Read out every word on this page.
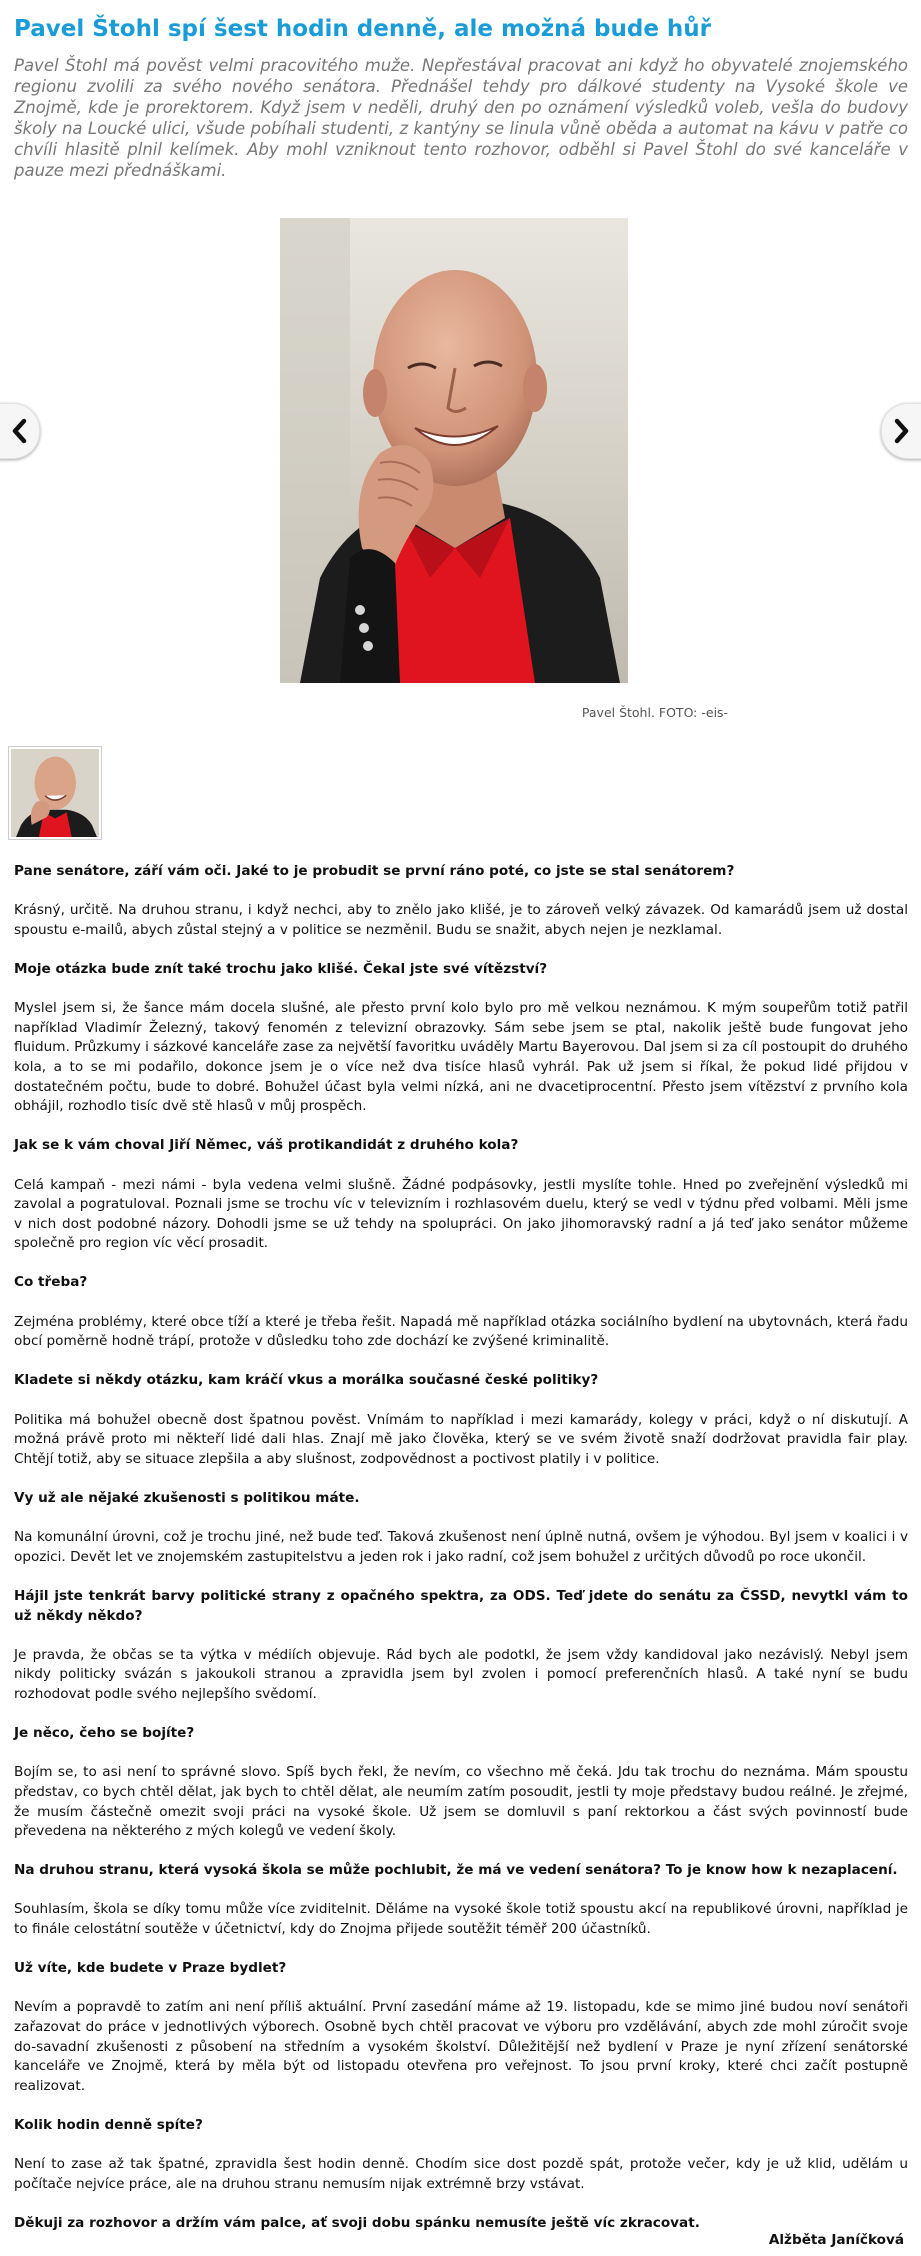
Pavel Štohl spí šest hodin denně, ale možná bude hůř

Pavel Štohl má pověst velmi pracovitého muže. Nepřestával pracovat ani když ho obyvatelé znojemského regionu zvolili za svého nového senátora. Přednášel tehdy pro dálkové studenty na Vysoké škole ve Znojmě, kde je prorektorem. Když jsem v neděli, druhý den po oznámení výsledků voleb, vešla do budovy školy na Loucké ulici, všude pobíhali studenti, z kantýny se linula vůně oběda a automat na kávu v patře co chvíli hlasitě plnil kelímek. Aby mohl vzniknout tento rozhovor, odběhl si Pavel Štohl do své kanceláře v pauze mezi přednáškami.

Pavel Štohl. FOTO: -eis-

Pane senátore, září vám oči. Jaké to je probudit se první ráno poté, co jste se stal senátorem?

Krásný, určitě. Na druhou stranu, i když nechci, aby to znělo jako klišé, je to zároveň velký závazek. Od kamarádů jsem už dostal spoustu e-mailů, abych zůstal stejný a v politice se nezměnil. Budu se snažit, abych nejen je nezklamal.

Moje otázka bude znít také trochu jako klišé. Čekal jste své vítězství?

Myslel jsem si, že šance mám docela slušné, ale přesto první kolo bylo pro mě velkou neznámou. K mým soupeřům totiž patřil například Vladimír Železný, takový fenomén z televizní obrazovky. Sám sebe jsem se ptal, nakolik ještě bude fungovat jeho fluidum. Průzkumy i sázkové kanceláře zase za největší favoritku uváděly Martu Bayerovou. Dal jsem si za cíl postoupit do druhého kola, a to se mi podařilo, dokonce jsem je o více než dva tisíce hlasů vyhrál. Pak už jsem si říkal, že pokud lidé přijdou v dostatečném počtu, bude to dobré. Bohužel účast byla velmi nízká, ani ne dvacetiprocentní. Přesto jsem vítězství z prvního kola obhájil, rozhodlo tisíc dvě stě hlasů v můj prospěch.

Jak se k vám choval Jiří Němec, váš protikandidát z druhého kola?

Celá kampaň - mezi námi - byla vedena velmi slušně. Žádné podpásovky, jestli myslíte tohle. Hned po zveřejnění výsledků mi zavolal a pogratuloval. Poznali jsme se trochu víc v televizním i rozhlasovém duelu, který se vedl v týdnu před volbami. Měli jsme v nich dost podobné názory. Dohodli jsme se už tehdy na spolupráci. On jako jihomoravský radní a já teď jako senátor můžeme společně pro region víc věcí prosadit.

Co třeba?

Zejména problémy, které obce tíží a které je třeba řešit. Napadá mě například otázka sociálního bydlení na ubytovnách, která řadu obcí poměrně hodně trápí, protože v důsledku toho zde dochází ke zvýšené kriminalitě.

Kladete si někdy otázku, kam kráčí vkus a morálka současné české politiky?

Politika má bohužel obecně dost špatnou pověst. Vnímám to například i mezi kamarády, kolegy v práci, když o ní diskutují. A možná právě proto mi někteří lidé dali hlas. Znají mě jako člověka, který se ve svém životě snaží dodržovat pravidla fair play. Chtějí totiž, aby se situace zlepšila a aby slušnost, zodpovědnost a poctivost platily i v politice.

Vy už ale nějaké zkušenosti s politikou máte.

Na komunální úrovni, což je trochu jiné, než bude teď. Taková zkušenost není úplně nutná, ovšem je výhodou. Byl jsem v koalici i v opozici. Devět let ve znojemském zastupitelstvu a jeden rok i jako radní, což jsem bohužel z určitých důvodů po roce ukončil.

Hájil jste tenkrát barvy politické strany z opačného spektra, za ODS. Teď jdete do senátu za ČSSD, nevytkl vám to už někdy někdo?

Je pravda, že občas se ta výtka v médiích objevuje. Rád bych ale podotkl, že jsem vždy kandidoval jako nezávislý. Nebyl jsem nikdy politicky svázán s jakoukoli stranou a zpravidla jsem byl zvolen i pomocí preferenčních hlasů. A také nyní se budu rozhodovat podle svého nejlepšího svědomí.

Je něco, čeho se bojíte?

Bojím se, to asi není to správné slovo. Spíš bych řekl, že nevím, co všechno mě čeká. Jdu tak trochu do neznáma. Mám spoustu představ, co bych chtěl dělat, jak bych to chtěl dělat, ale neumím zatím posoudit, jestli ty moje představy budou reálné. Je zřejmé, že musím částečně omezit svoji práci na vysoké škole. Už jsem se domluvil s paní rektorkou a část svých povinností bude převedena na některého z mých kolegů ve vedení školy.

Na druhou stranu, která vysoká škola se může pochlubit, že má ve vedení senátora? To je know how k nezaplacení.

Souhlasím, škola se díky tomu může více zviditelnit. Děláme na vysoké škole totiž spoustu akcí na republikové úrovni, například je to finále celostátní soutěže v účetnictví, kdy do Znojma přijede soutěžit téměř 200 účastníků.

Už víte, kde budete v Praze bydlet?

Nevím a popravdě to zatím ani není příliš aktuální. První zasedání máme až 19. listopadu, kde se mimo jiné budou noví senátoři zařazovat do práce v jednotlivých výborech. Osobně bych chtěl pracovat ve výboru pro vzdělávání, abych zde mohl zúročit svoje do-savadní zkušenosti z působení na středním a vysokém školství. Důležitější než bydlení v Praze je nyní zřízení senátorské kanceláře ve Znojmě, která by měla být od listopadu otevřena pro veřejnost. To jsou první kroky, které chci začít postupně realizovat.

Kolik hodin denně spíte?

Není to zase až tak špatné, zpravidla šest hodin denně. Chodím sice dost pozdě spát, protože večer, kdy je už klid, udělám u počítače nejvíce práce, ale na druhou stranu nemusím nijak extrémně brzy vstávat.

Děkuji za rozhovor a držím vám palce, ať svoji dobu spánku nemusíte ještě víc zkracovat.

Alžběta Janíčková
